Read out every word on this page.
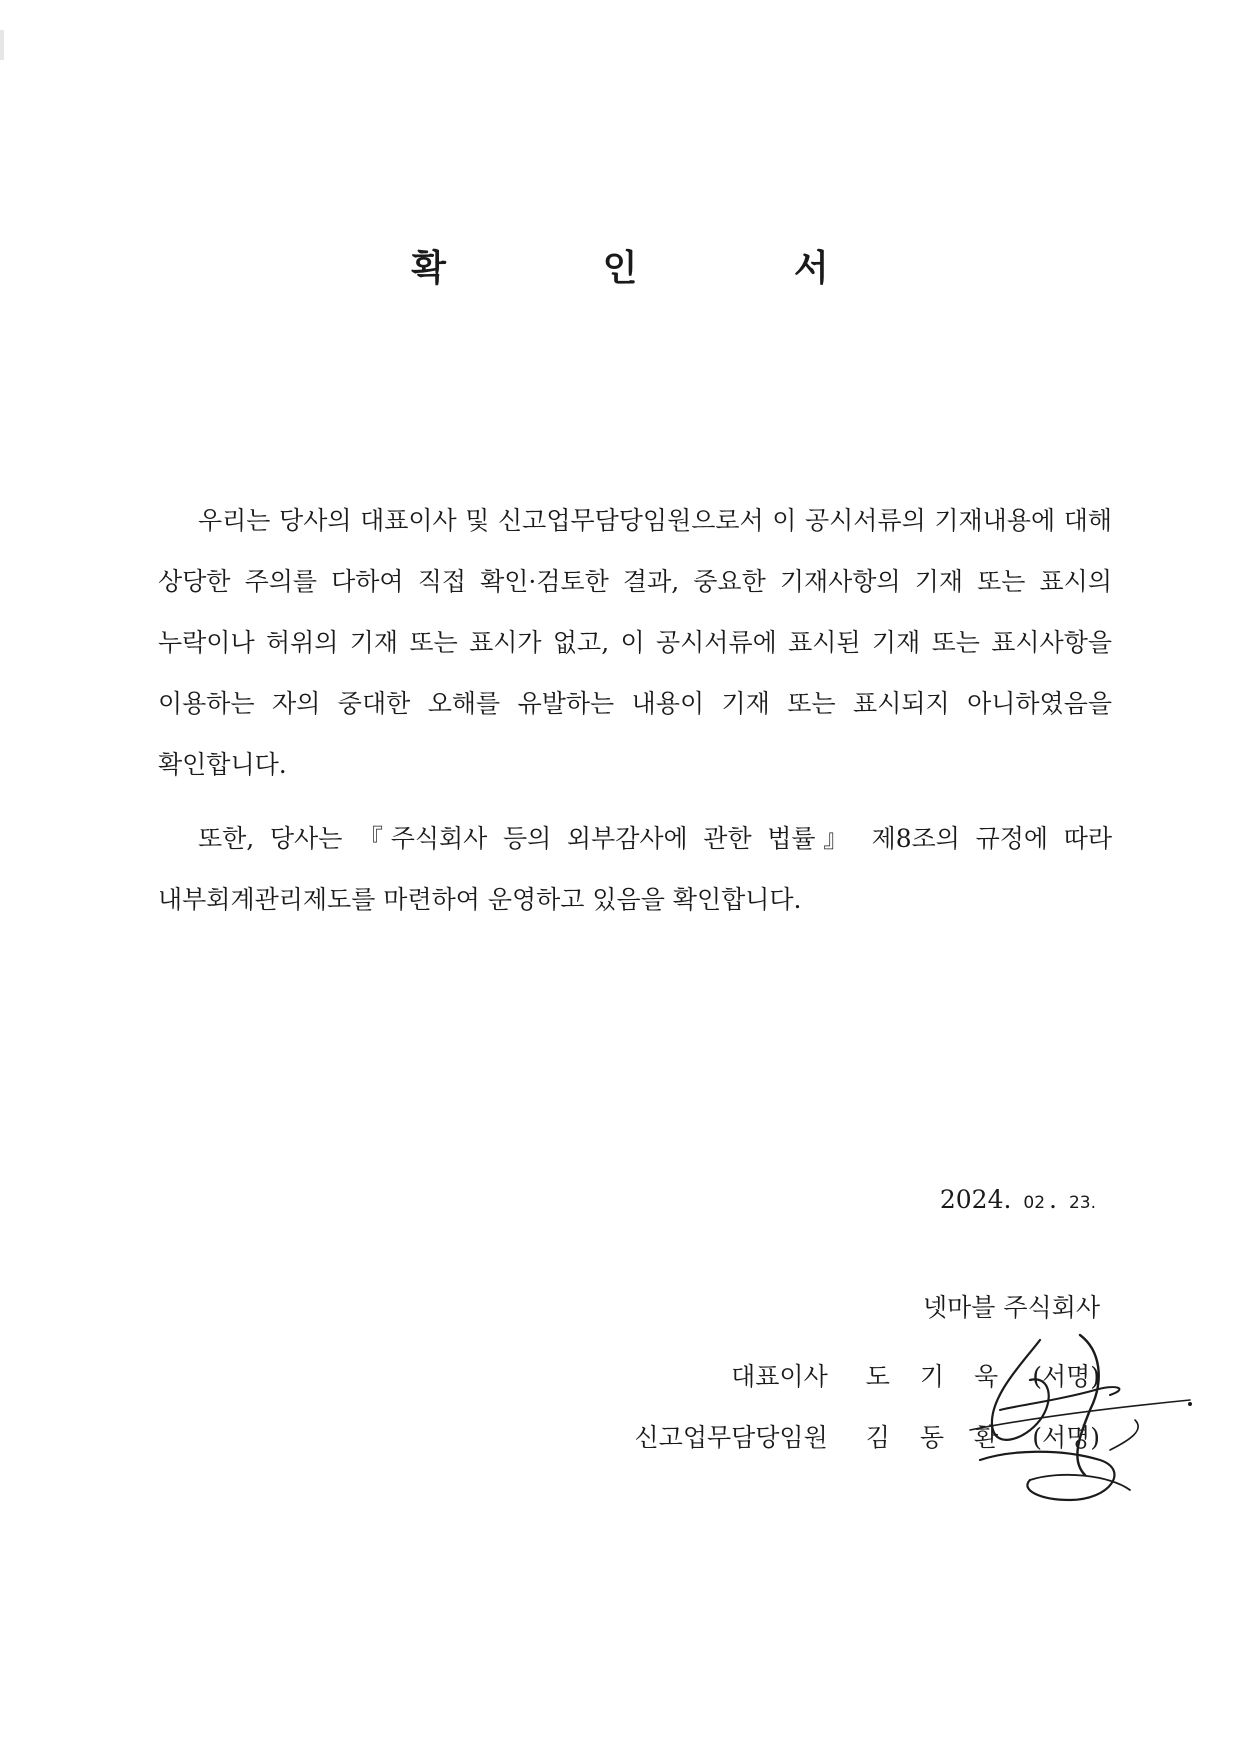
확 인 서

우리는 당사의 대표이사 및 신고업무담당임원으로서 이 공시서류의 기재내용에 대해 상당한 주의를 다하여 직접 확인·검토한 결과, 중요한 기재사항의 기재 또는 표시의 누락이나 허위의 기재 또는 표시가 없고, 이 공시서류에 표시된 기재 또는 표시사항을 이용하는 자의 중대한 오해를 유발하는 내용이 기재 또는 표시되지 아니하였음을 확인합니다.

또한, 당사는 『주식회사 등의 외부감사에 관한 법률』 제8조의 규정에 따라 내부회계관리제도를 마련하여 운영하고 있음을 확인합니다.

2024. 02 . 23.

넷마블 주식회사

대표이사 도기욱 (서명)
신고업무담당임원 김동환 (서명)
